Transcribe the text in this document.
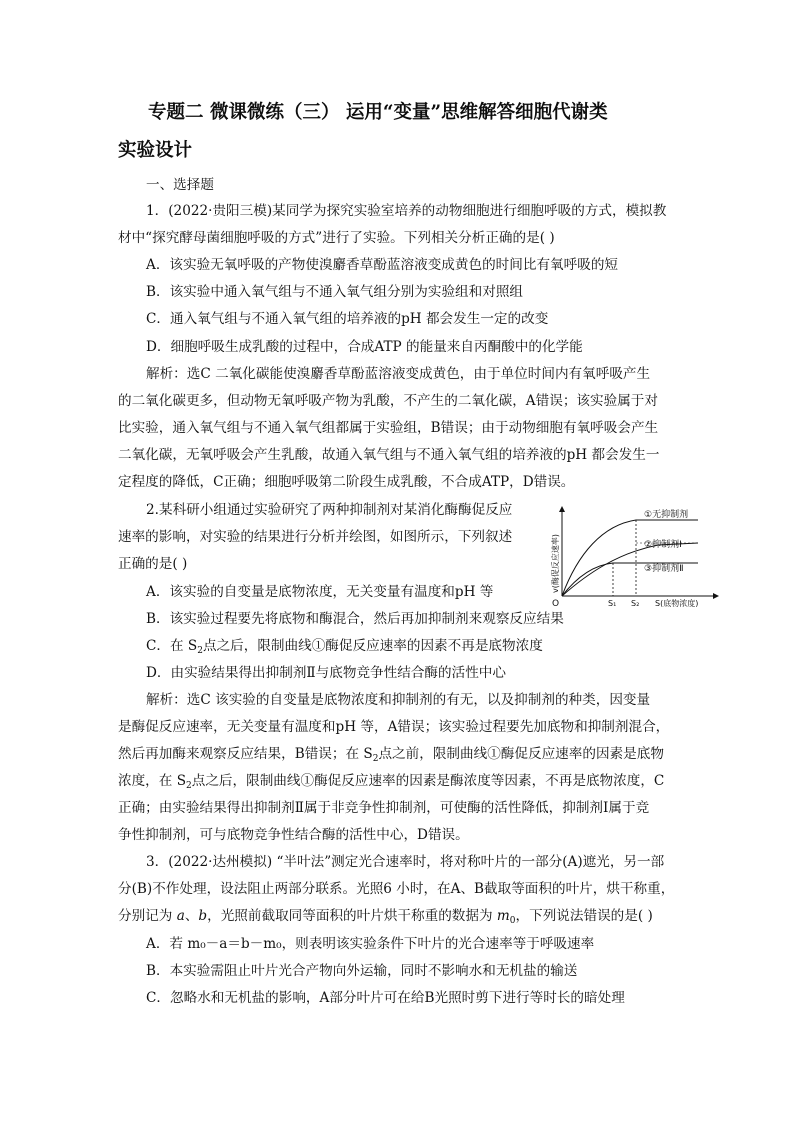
专题二 微课微练（三） 运用“变量”思维解答细胞代谢类
实验设计
一、选择题
1．(2022·贵阳三模)某同学为探究实验室培养的动物细胞进行细胞呼吸的方式，模拟教
材中“探究酵母菌细胞呼吸的方式”进行了实验。下列相关分析正确的是( )
A．该实验无氧呼吸的产物使溴麝香草酚蓝溶液变成黄色的时间比有氧呼吸的短
B．该实验中通入氧气组与不通入氧气组分别为实验组和对照组
C．通入氧气组与不通入氧气组的培养液的pH 都会发生一定的改变
D．细胞呼吸生成乳酸的过程中，合成ATP 的能量来自丙酮酸中的化学能
解析：选C 二氧化碳能使溴麝香草酚蓝溶液变成黄色，由于单位时间内有氧呼吸产生
的二氧化碳更多，但动物无氧呼吸产物为乳酸，不产生的二氧化碳，A错误；该实验属于对
比实验，通入氧气组与不通入氧气组都属于实验组，B错误；由于动物细胞有氧呼吸会产生
二氧化碳，无氧呼吸会产生乳酸，故通入氧气组与不通入氧气组的培养液的pH 都会发生一
定程度的降低，C正确；细胞呼吸第二阶段生成乳酸，不合成ATP，D错误。
2.某科研小组通过实验研究了两种抑制剂对某消化酶酶促反应
速率的影响，对实验的结果进行分析并绘图，如图所示，下列叙述
正确的是( )
A．该实验的自变量是底物浓度，无关变量有温度和pH 等
B．该实验过程要先将底物和酶混合，然后再加抑制剂来观察反应结果
C．在 $S_2$点之后，限制曲线①酶促反应速率的因素不再是底物浓度
D．由实验结果得出抑制剂Ⅱ与底物竞争性结合酶的活性中心
解析：选C 该实验的自变量是底物浓度和抑制剂的有无，以及抑制剂的种类，因变量
是酶促反应速率，无关变量有温度和pH 等，A错误；该实验过程要先加底物和抑制剂混合，
然后再加酶来观察反应结果，B错误；在 $S_2$点之前，限制曲线①酶促反应速率的因素是底物
浓度，在 $S_2$点之后，限制曲线①酶促反应速率的因素是酶浓度等因素，不再是底物浓度，C
正确；由实验结果得出抑制剂Ⅱ属于非竞争性抑制剂，可使酶的活性降低，抑制剂Ⅰ属于竞
争性抑制剂，可与底物竞争性结合酶的活性中心，D错误。
3．(2022·达州模拟) “半叶法”测定光合速率时，将对称叶片的一部分(A)遮光，另一部
分(B)不作处理，设法阻止两部分联系。光照6 小时，在A、B截取等面积的叶片，烘干称重，
分别记为 a、b，光照前截取同等面积的叶片烘干称重的数据为 $m_0$，下列说法错误的是( )
A．若 m₀－a＝b－m₀，则表明该实验条件下叶片的光合速率等于呼吸速率
B．本实验需阻止叶片光合产物向外运输，同时不影响水和无机盐的输送
C．忽略水和无机盐的影响，A部分叶片可在给B光照时剪下进行等时长的暗处理
O
v(酶促反应速率)
S(底物浓度)
S₁ S₂
①无抑制剂
②抑制剂Ⅰ
③抑制剂Ⅱ
